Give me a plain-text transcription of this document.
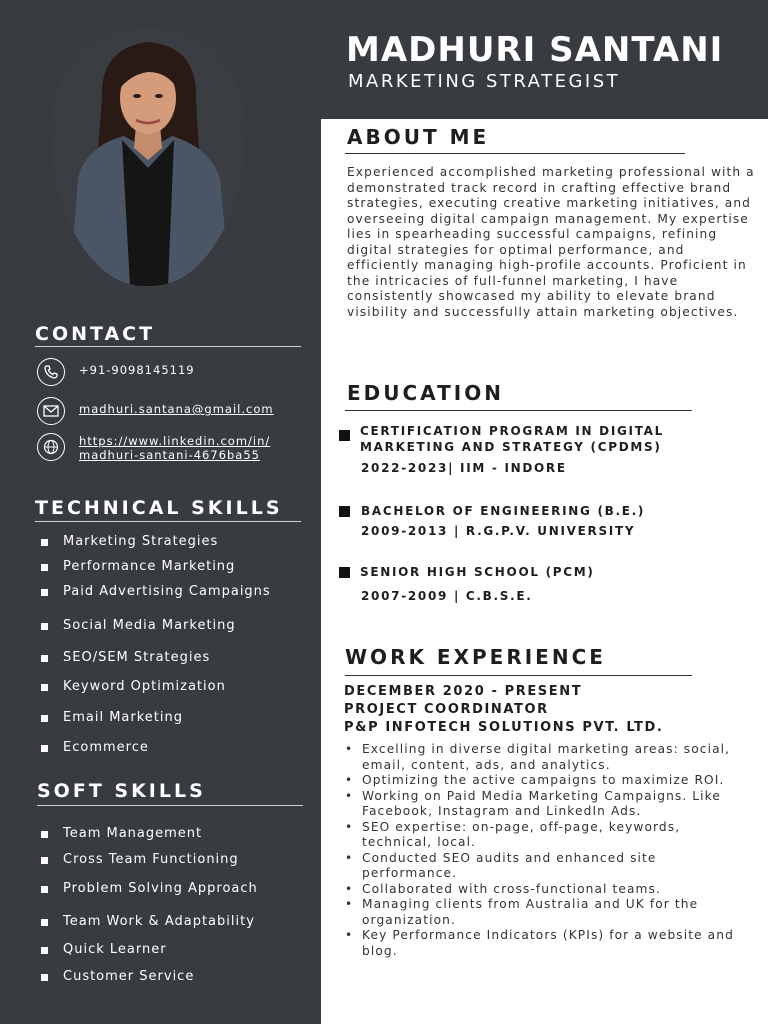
MADHURI SANTANI
MARKETING STRATEGIST
CONTACT
+91-9098145119
madhuri.santana@gmail.com
https://www.linkedin.com/in/
madhuri-santani-4676ba55
TECHNICAL SKILLS
Marketing Strategies
Performance Marketing
Paid Advertising Campaigns
Social Media Marketing
SEO/SEM Strategies
Keyword Optimization
Email Marketing
Ecommerce
SOFT SKILLS
Team Management
Cross Team Functioning
Problem Solving Approach
Team Work & Adaptability
Quick Learner
Customer Service
ABOUT ME
Experienced accomplished marketing professional with a demonstrated track record in crafting effective brand strategies, executing creative marketing initiatives, and overseeing digital campaign management. My expertise lies in spearheading successful campaigns, refining digital strategies for optimal performance, and efficiently managing high-profile accounts. Proficient in the intricacies of full-funnel marketing, I have consistently showcased my ability to elevate brand visibility and successfully attain marketing objectives.
EDUCATION
CERTIFICATION PROGRAM IN DIGITAL
MARKETING AND STRATEGY (CPDMS)
2022-2023| IIM - INDORE
BACHELOR OF ENGINEERING (B.E.)
2009-2013 | R.G.P.V. UNIVERSITY
SENIOR HIGH SCHOOL (PCM)
2007-2009 | C.B.S.E.
WORK EXPERIENCE
DECEMBER 2020 - PRESENT
PROJECT COORDINATOR
P&P INFOTECH SOLUTIONS PVT. LTD.
• Excelling in diverse digital marketing areas: social, email, content, ads, and analytics.
• Optimizing the active campaigns to maximize ROI.
• Working on Paid Media Marketing Campaigns. Like Facebook, Instagram and LinkedIn Ads.
• SEO expertise: on-page, off-page, keywords, technical, local.
• Conducted SEO audits and enhanced site performance.
• Collaborated with cross-functional teams.
• Managing clients from Australia and UK for the organization.
• Key Performance Indicators (KPIs) for a website and blog.
